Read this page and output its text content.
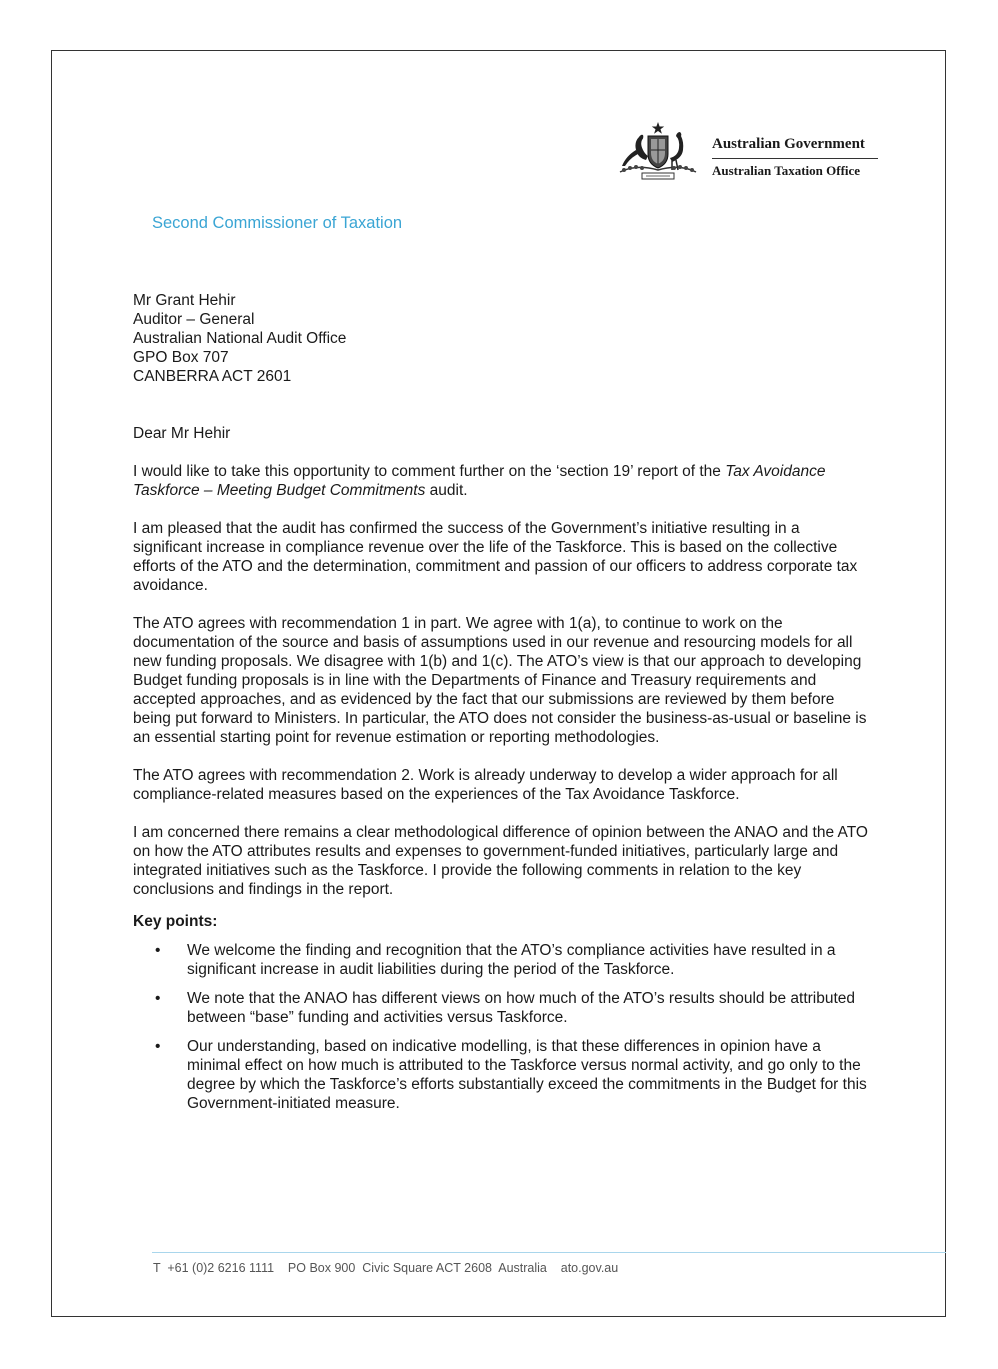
Australian Government
Australian Taxation Office
Second Commissioner of Taxation
Mr Grant Hehir
Auditor – General
Australian National Audit Office
GPO Box 707
CANBERRA ACT 2601
Dear Mr Hehir

I would like to take this opportunity to comment further on the ‘section 19’ report of the Tax Avoidance Taskforce – Meeting Budget Commitments audit.

I am pleased that the audit has confirmed the success of the Government’s initiative resulting in a significant increase in compliance revenue over the life of the Taskforce. This is based on the collective efforts of the ATO and the determination, commitment and passion of our officers to address corporate tax avoidance.

The ATO agrees with recommendation 1 in part. We agree with 1(a), to continue to work on the documentation of the source and basis of assumptions used in our revenue and resourcing models for all new funding proposals. We disagree with 1(b) and 1(c). The ATO’s view is that our approach to developing Budget funding proposals is in line with the Departments of Finance and Treasury requirements and accepted approaches, and as evidenced by the fact that our submissions are reviewed by them before being put forward to Ministers. In particular, the ATO does not consider the business-as-usual or baseline is an essential starting point for revenue estimation or reporting methodologies.

The ATO agrees with recommendation 2. Work is already underway to develop a wider approach for all compliance-related measures based on the experiences of the Tax Avoidance Taskforce.

I am concerned there remains a clear methodological difference of opinion between the ANAO and the ATO on how the ATO attributes results and expenses to government-funded initiatives, particularly large and integrated initiatives such as the Taskforce. I provide the following comments in relation to the key conclusions and findings in the report.

Key points:
• We welcome the finding and recognition that the ATO’s compliance activities have resulted in a significant increase in audit liabilities during the period of the Taskforce.
• We note that the ANAO has different views on how much of the ATO’s results should be attributed between “base” funding and activities versus Taskforce.
• Our understanding, based on indicative modelling, is that these differences in opinion have a minimal effect on how much is attributed to the Taskforce versus normal activity, and go only to the degree by which the Taskforce’s efforts substantially exceed the commitments in the Budget for this Government-initiated measure.
T  +61 (0)2 6216 1111    PO Box 900  Civic Square ACT 2608  Australia    ato.gov.au
